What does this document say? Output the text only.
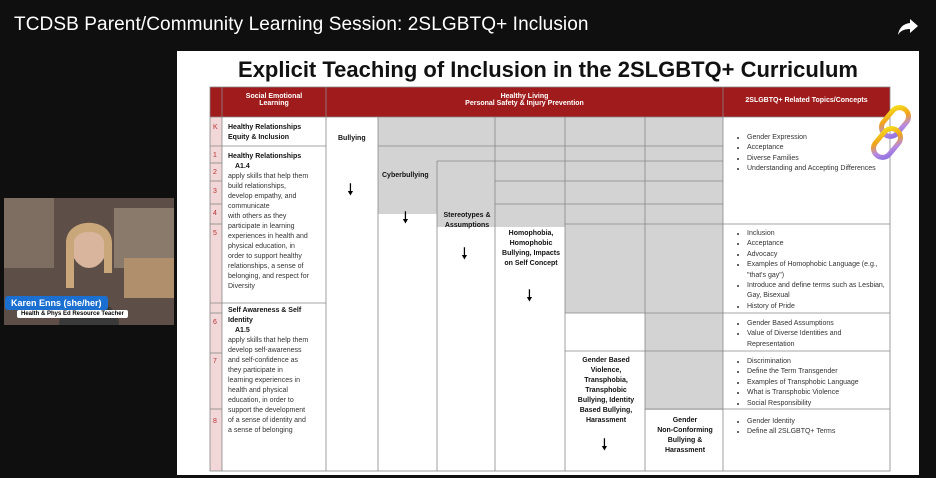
TCDSB Parent/Community Learning Session: 2SLGBTQ+ Inclusion
Explicit Teaching of Inclusion in the 2SLGBTQ+ Curriculum
Social Emotional
Learning
Healthy Living
Personal Safety & Injury Prevention	2SLGBTQ+ Related Topics/Concepts
K
1
2
3
4
5
6
7
8
Healthy Relationships
Equity & Inclusion
Healthy Relationships
A1.4
apply skills that help them
build relationships,
develop empathy, and
communicate
with others as they
participate in learning
experiences in health and
physical education, in
order to support healthy
relationships, a sense of
belonging, and respect for
Diversity
Self Awareness & Self
Identity
A1.5
apply skills that help them
develop self-awareness
and self-confidence as
they participate in
learning experiences in
health and physical
education, in order to
support the development
of a sense of identity and
a sense of belonging
Bullying
🠗
Cyberbullying
🠗	Stereotypes &
Assumptions
🠗
Homophobia,
Homophobic
Bullying, Impacts
on Self Concept
🠗
Gender Based
Violence,
Transphobia,
Transphobic
Bullying, Identity
Based Bullying,
Harassment
🠗
Gender
Non-Conforming
Bullying &
Harassment
• Gender Expression
• Acceptance
• Diverse Families
• Understanding and Accepting Differences
• Inclusion
• Acceptance
• Advocacy
• Examples of Homophobic Language (e.g., "that's gay")
• Introduce and define terms such as Lesbian, Gay, Bisexual
• History of Pride
• Gender Based Assumptions
• Value of Diverse Identities and Representation
• Discrimination
• Define the Term Transgender
• Examples of Transphobic Language
• What is Transphobic Violence
• Social Responsibility
• Gender Identity
• Define all 2SLGBTQ+ Terms
Karen Enns (she/her)
Health & Phys Ed Resource Teacher
